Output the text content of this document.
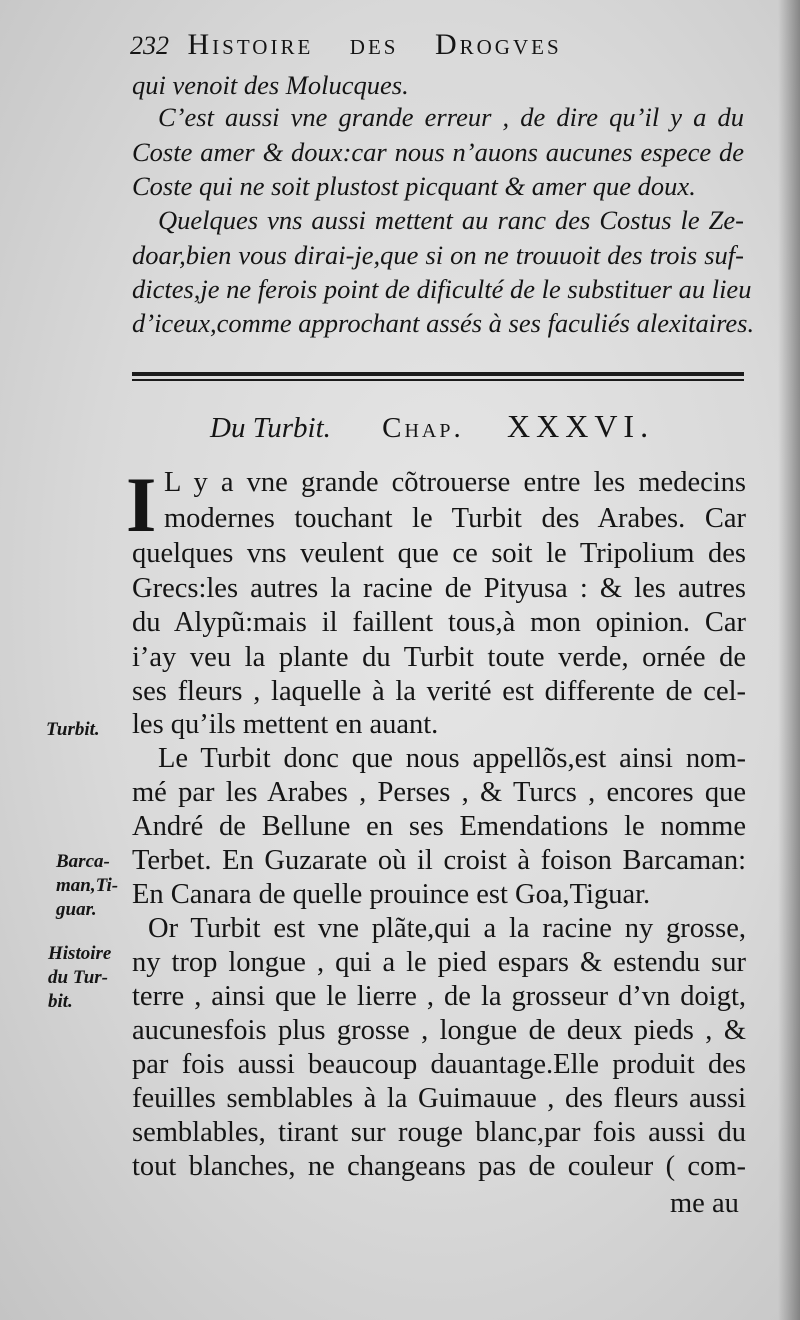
232 Histoire des Drogves
qui venoit des Molucques.
C’est aussi vne grande erreur , de dire qu’il y a du
Coste amer & doux:car nous n’auons aucunes espece de
Coste qui ne soit plustost picquant & amer que doux.
Quelques vns aussi mettent au ranc des Costus le Ze-
doar,bien vous dirai-je,que si on ne trouuoit des trois suf-
dictes,je ne ferois point de dificulté de le substituer au lieu
d’iceux,comme approchant assés à ses faculiés alexitaires.
Du Turbit. Chap. XXXVI.
I L y a vne grande cõtrouerse entre les medecins
modernes touchant le Turbit des Arabes. Car
quelques vns veulent que ce soit le Tripolium des
Grecs:les autres la racine de Pityusa : & les autres
du Alypũ:mais il faillent tous,à mon opinion. Car
i’ay veu la plante du Turbit toute verde, ornée de
ses fleurs , laquelle à la verité est differente de cel-
les qu’ils mettent en auant.
Le Turbit donc que nous appellõs,est ainsi nom-
mé par les Arabes , Perses , & Turcs , encores que
André de Bellune en ses Emendations le nomme
Terbet. En Guzarate où il croist à foison Barcaman:
En Canara de quelle prouince est Goa,Tiguar.
Or Turbit est vne plãte,qui a la racine ny grosse,
ny trop longue , qui a le pied espars & estendu sur
terre , ainsi que le lierre , de la grosseur d’vn doigt,
aucunesfois plus grosse , longue de deux pieds , &
par fois aussi beaucoup dauantage.Elle produit des
feuilles semblables à la Guimauue , des fleurs aussi
semblables, tirant sur rouge blanc,par fois aussi du
tout blanches, ne changeans pas de couleur ( com-
me au
Turbit.
Barca-man,Ti-guar.
Histoire du Tur-bit.
